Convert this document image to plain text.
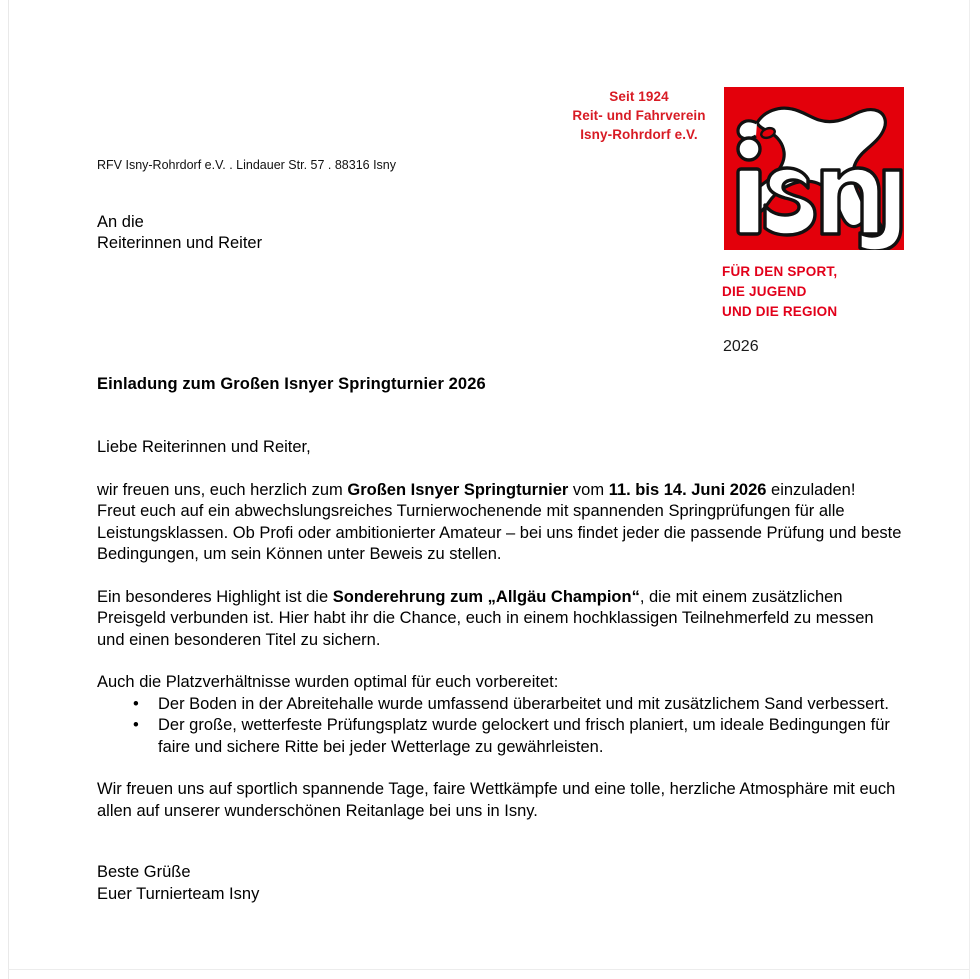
Seit 1924
Reit- und Fahrverein
Isny-Rohrdorf e.V.
FÜR DEN SPORT,
DIE JUGEND
UND DIE REGION
2026
RFV Isny-Rohrdorf e.V. . Lindauer Str. 57 . 88316 Isny
An die
Reiterinnen und Reiter
Einladung zum Großen Isnyer Springturnier 2026

Liebe Reiterinnen und Reiter,

wir freuen uns, euch herzlich zum Großen Isnyer Springturnier vom 11. bis 14. Juni 2026 einzuladen!

Freut euch auf ein abwechslungsreiches Turnierwochenende mit spannenden Springprüfungen für alle Leistungsklassen. Ob Profi oder ambitionierter Amateur – bei uns findet jeder die passende Prüfung und beste Bedingungen, um sein Können unter Beweis zu stellen.

Ein besonderes Highlight ist die Sonderehrung zum „Allgäu Champion“, die mit einem zusätzlichen Preisgeld verbunden ist. Hier habt ihr die Chance, euch in einem hochklassigen Teilnehmerfeld zu messen und einen besonderen Titel zu sichern.

Auch die Platzverhältnisse wurden optimal für euch vorbereitet:

• Der Boden in der Abreitehalle wurde umfassend überarbeitet und mit zusätzlichem Sand verbessert.
• Der große, wetterfeste Prüfungsplatz wurde gelockert und frisch planiert, um ideale Bedingungen für faire und sichere Ritte bei jeder Wetterlage zu gewährleisten.

Wir freuen uns auf sportlich spannende Tage, faire Wettkämpfe und eine tolle, herzliche Atmosphäre mit euch allen auf unserer wunderschönen Reitanlage bei uns in Isny.

Beste Grüße

Euer Turnierteam Isny
